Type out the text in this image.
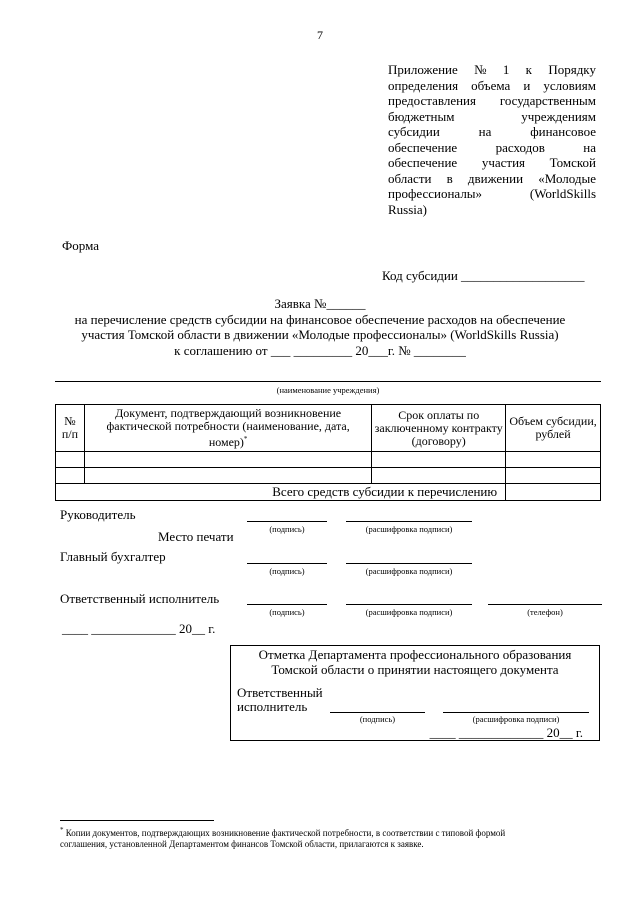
7
Приложение № 1 к Порядку
определения объема и условиям
предоставления государственным
бюджетным	учреждениям
субсидии	на	финансовое
обеспечение	расходов	на
обеспечение участия Томской
области в движении «Молодые
профессионалы»	(WorldSkills
Russia)
Форма
Код субсидии ___________________
Заявка №______
на перечисление средств субсидии на финансовое обеспечение расходов на обеспечение
участия Томской области в движении «Молодые профессионалы» (WorldSkills Russia)
к соглашению от ___ _________ 20___г. № ________
(наименование учреждения)
№ п/п	Документ, подтверждающий возникновение фактической потребности (наименование, дата, номер)*	Срок оплаты по заключенному контракту (договору)	Объем субсидии, рублей

Всего средств субсидии к перечислению			
Руководитель
Место печати	(подпись)	(расшифровка подписи)
Главный бухгалтер
(подпись)	(расшифровка подписи)
Ответственный исполнитель
(подпись)	(расшифровка подписи)	(телефон)
____ _____________ 20__ г.
Отметка Департамента профессионального образования
Томской области о принятии настоящего документа
Ответственный
исполнитель
(подпись)	(расшифровка подписи)
____ _____________ 20__ г.
* Копии документов, подтверждающих возникновение фактической потребности, в соответствии с типовой формой
соглашения, установленной Департаментом финансов Томской области, прилагаются к заявке.
